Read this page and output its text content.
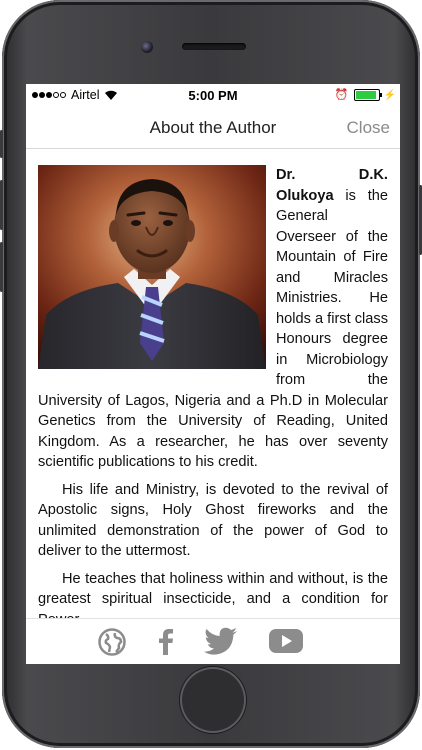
Airtel	5:00 PM	⏰	⚡
About the Author	Close

Dr. D.K. Olukoya is the General Overseer of the Mountain of Fire and Miracles Ministries. He holds a first class Honours degree in Microbiology from the University of Lagos, Nigeria and a Ph.D in Molecular Genetics from the University of Reading, United Kingdom. As a researcher, he has over seventy scientific publications to his credit.

His life and Ministry, is devoted to the revival of Apostolic signs, Holy Ghost fireworks and the unlimited demonstration of the power of God to deliver to the uttermost.

He teaches that holiness within and without, is the greatest spiritual insecticide, and a condition for
